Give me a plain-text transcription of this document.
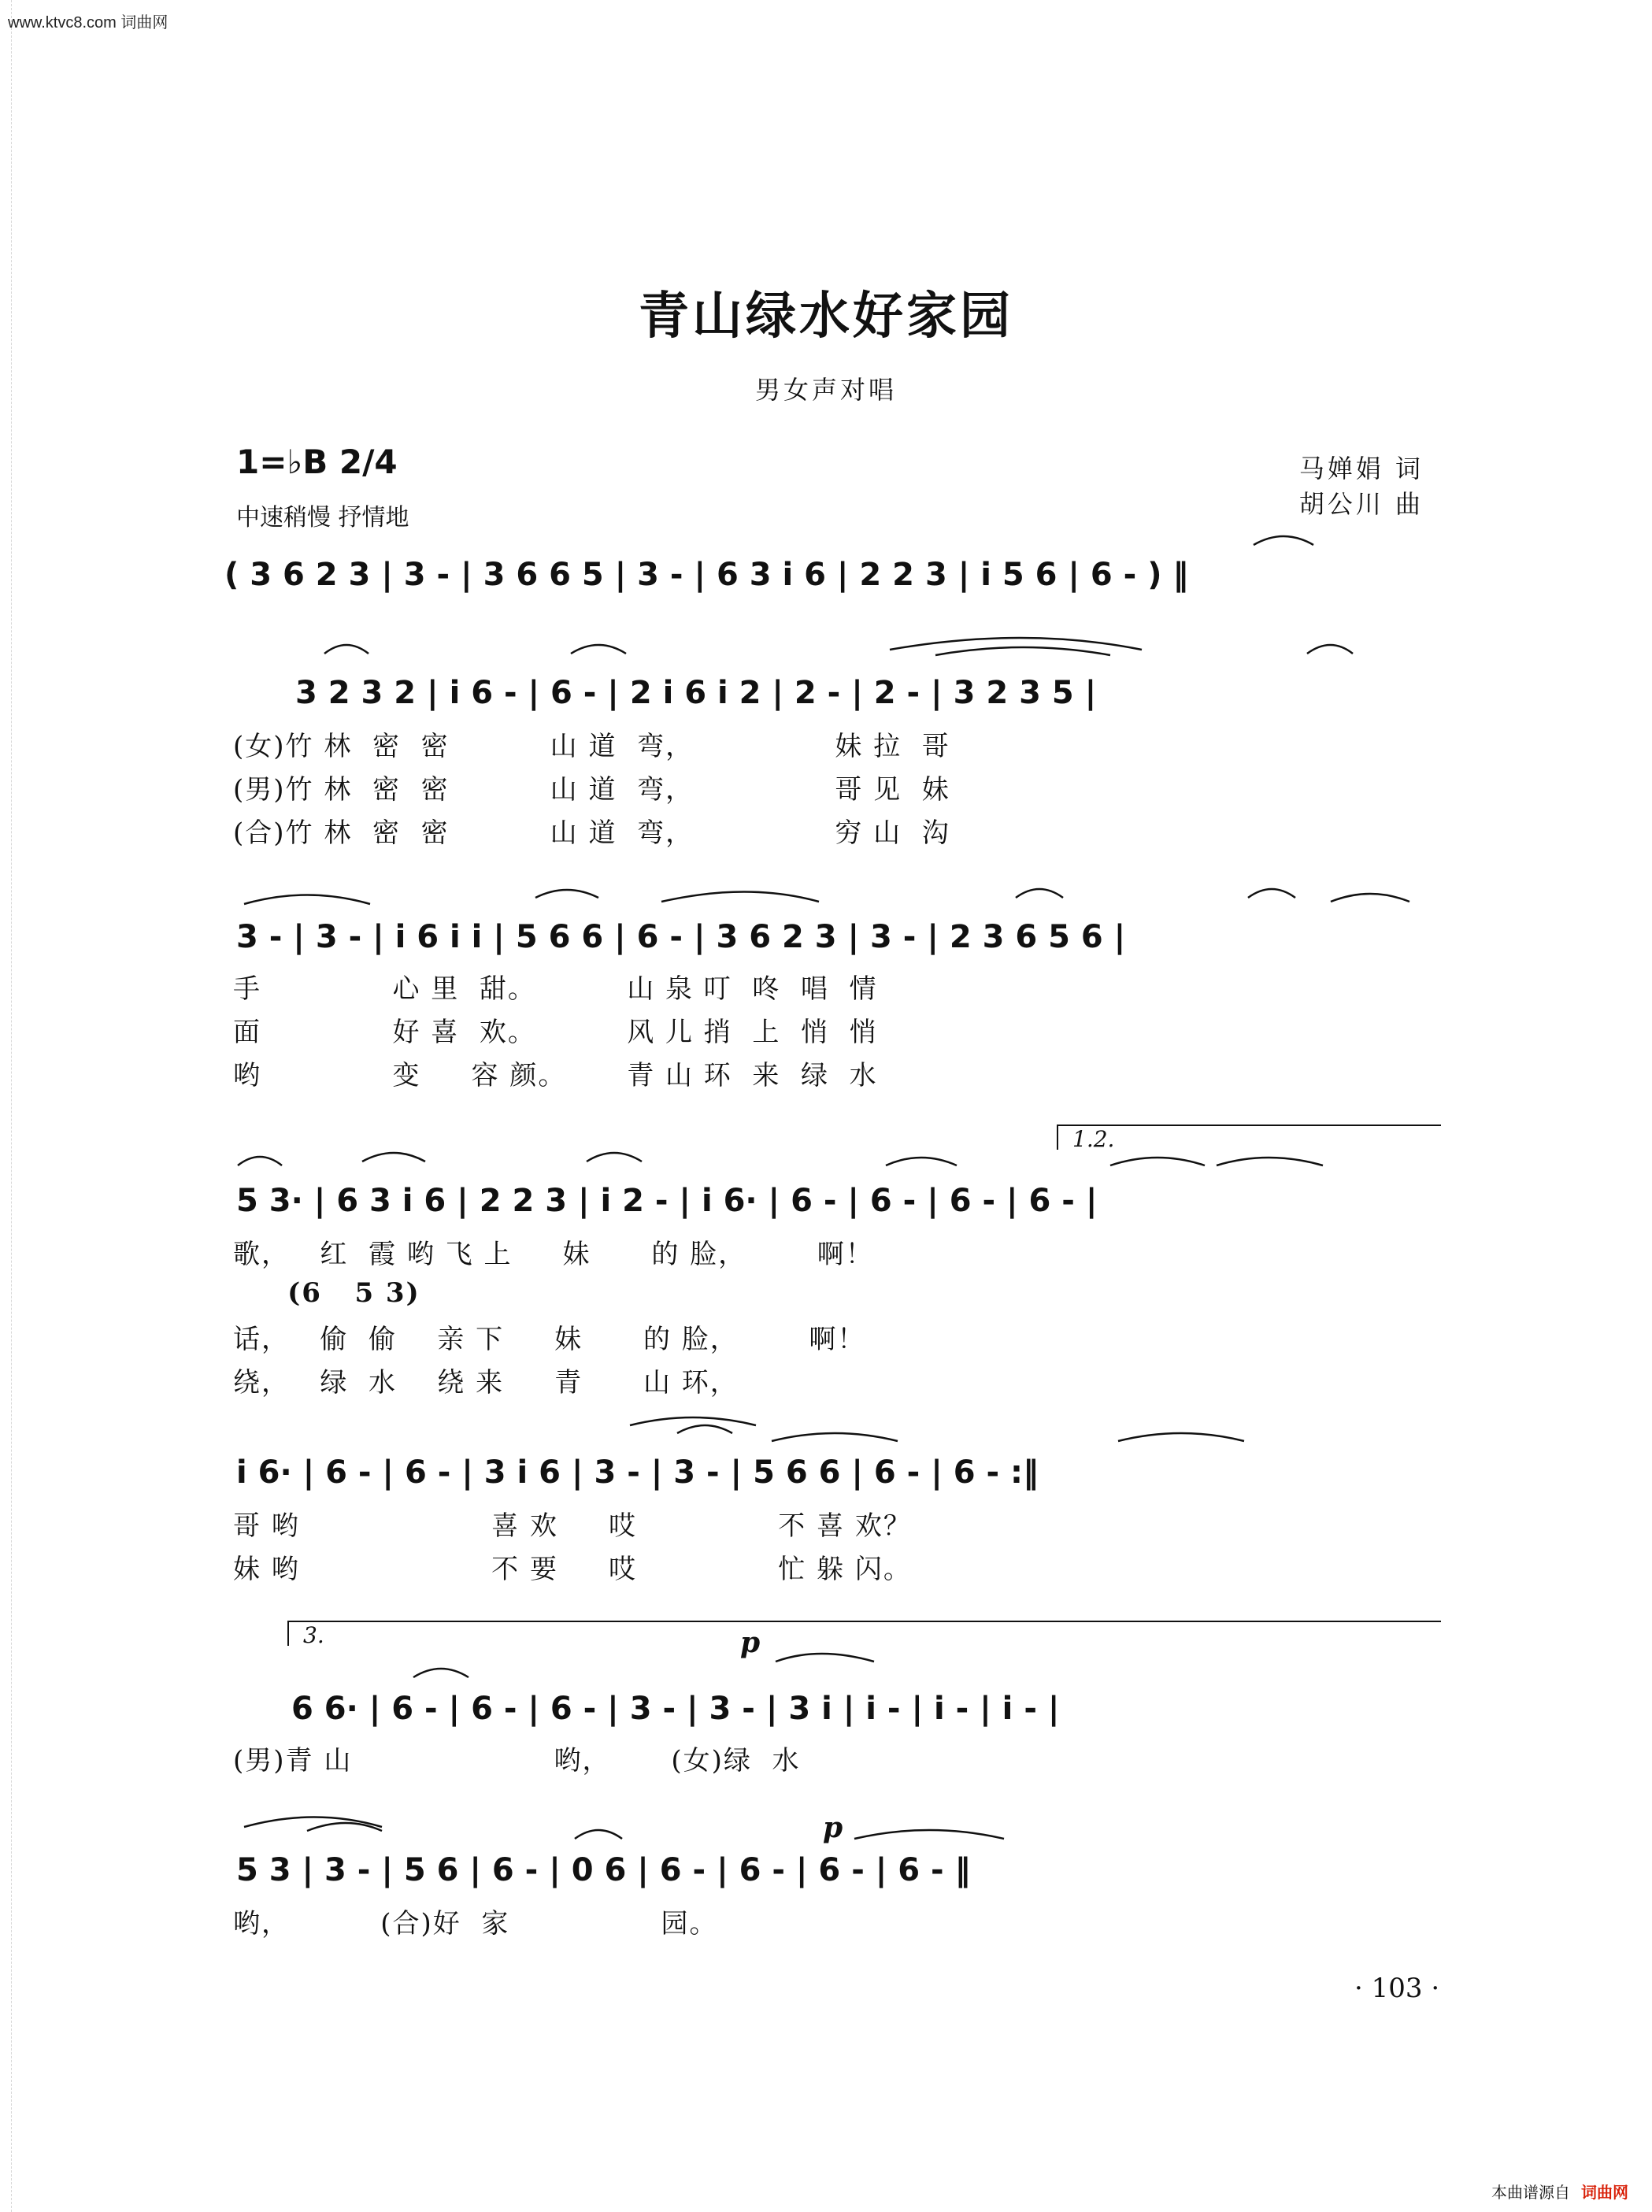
www.ktvc8.com 词曲网
青山绿水好家园
男女声对唱
1=♭B 2/4
中速稍慢 抒情地
马婵娟 词
胡公川 曲
( 3 6 2 3 | 3 - | 3 6 6 5 | 3 - | 6 3 i 6 | 2 2 3 | i 5 6 | 6 - ) ‖
3 2 3 2 | i 6 - | 6 - | 2 i 6 i 2 | 2 - | 2 - | 3 2 3 5 |
(女)竹 林  密  密          山 道  弯，              妹 拉  哥
(男)竹 林  密  密          山 道  弯，              哥 见  妹
(合)竹 林  密  密          山 道  弯，              穷 山  沟
3 - | 3 - | i 6 i i | 5 6 6 | 6 - | 3 6 2 3 | 3 - | 2 3 6 5 6 |
手             心 里  甜。         山 泉 叮  咚  唱  情
面             好 喜  欢。         风 儿 捎  上  悄  悄
哟             变     容 颜。      青 山 环  来  绿  水
1.2.
5 3· | 6 3 i 6 | 2 2 3 | i 2 - | i 6· | 6 - | 6 - | 6 - | 6 - |
歌，   红  霞 哟 飞 上     妹      的 脸，       啊！
(6   5 3)
话，   偷  偷    亲 下     妹      的 脸，       啊！
绕，   绿  水    绕 来     青      山 环，
i 6· | 6 - | 6 - | 3 i 6 | 3 - | 3 - | 5 6 6 | 6 - | 6 - :‖
哥 哟                   喜 欢     哎              不 喜 欢？
妹 哟                   不 要     哎              忙 躲 闪。
3.	p
6 6· | 6 - | 6 - | 6 - | 3 - | 3 - | 3 i | i - | i - | i - |
(男)青 山                    哟，      (女)绿  水
p
5 3 | 3 - | 5 6 | 6 - | 0 6 | 6 - | 6 - | 6 - | 6 - ‖
哟，         (合)好  家               园。
· 103 ·
本曲谱源自 词曲网
